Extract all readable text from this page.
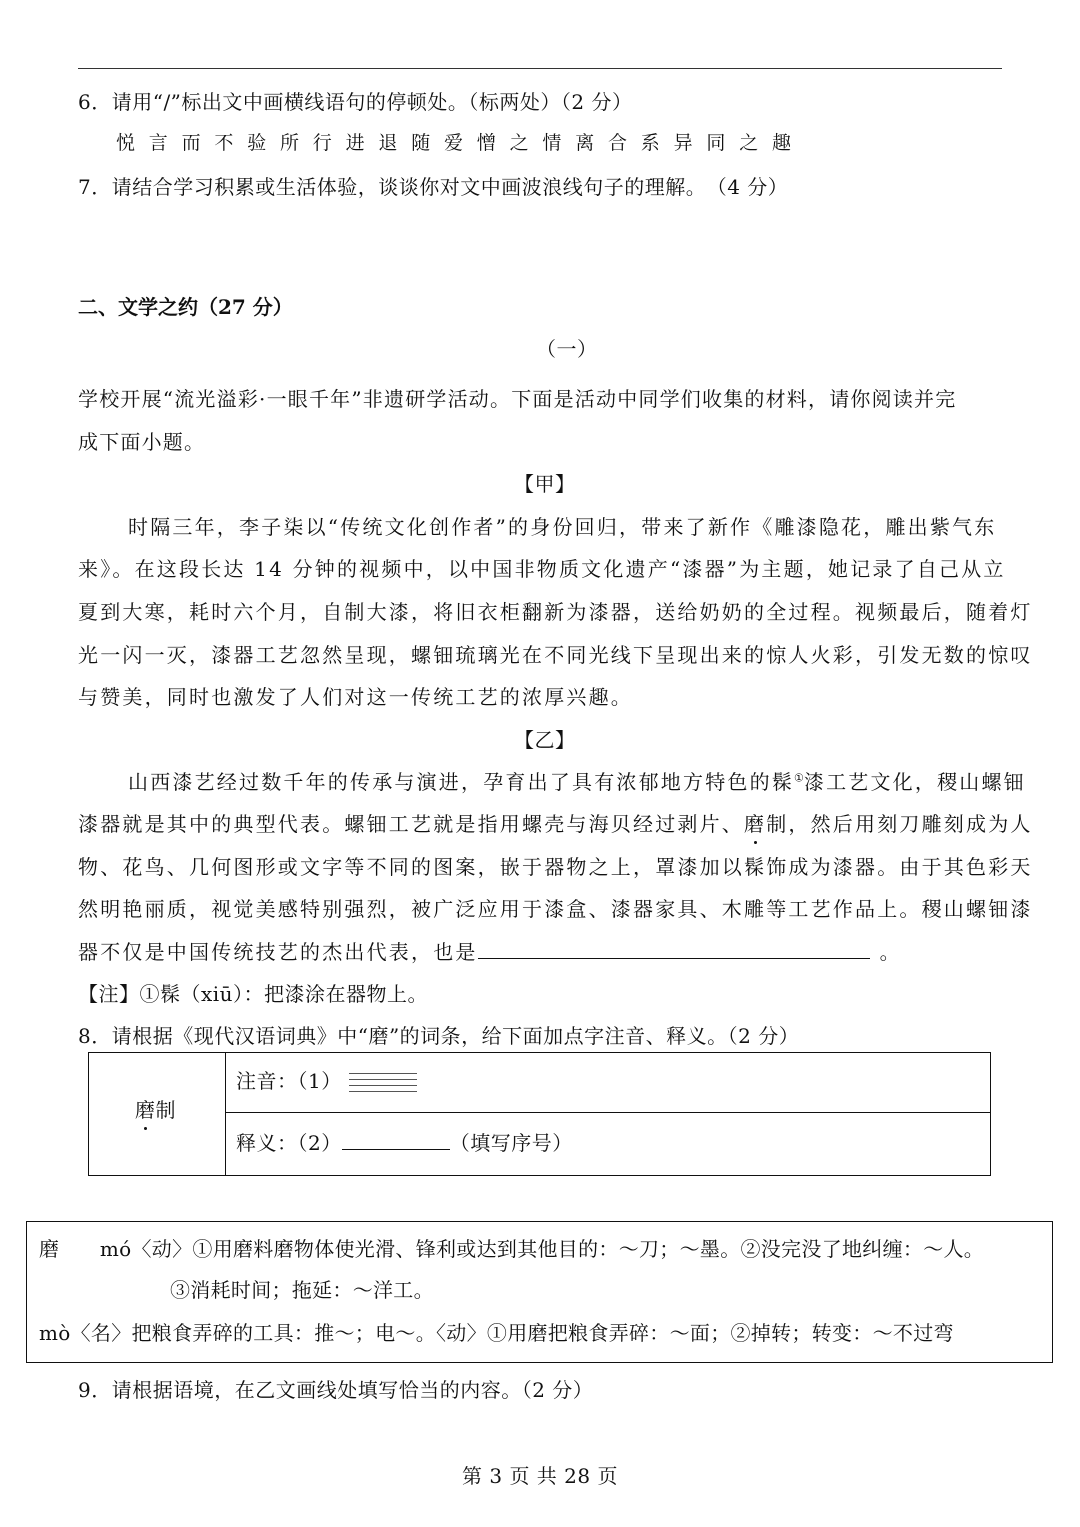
6．请用“/”标出文中画横线语句的停顿处。（标两处）（2 分）
悦言而不验所行进退随爱憎之情离合系异同之趣
7．请结合学习积累或生活体验，谈谈你对文中画波浪线句子的理解。　（4 分）
二、文学之约（27 分）
（一）
学校开展“流光溢彩·一眼千年”非遗研学活动。下面是活动中同学们收集的材料，请你阅读并完
成下面小题。
【甲】
时隔三年，李子柒以“传统文化创作者”的身份回归，带来了新作《雕漆隐花，雕出紫气东
来》。在这段长达 14 分钟的视频中，以中国非物质文化遗产“漆器”为主题，她记录了自己从立
夏到大寒，耗时六个月，自制大漆，将旧衣柜翻新为漆器，送给奶奶的全过程。视频最后，随着灯
光一闪一灭，漆器工艺忽然呈现，螺钿琉璃光在不同光线下呈现出来的惊人火彩，引发无数的惊叹
与赞美，同时也激发了人们对这一传统工艺的浓厚兴趣。
【乙】
山西漆艺经过数千年的传承与演进，孕育出了具有浓郁地方特色的髹①漆工艺文化，稷山螺钿
漆器就是其中的典型代表。螺钿工艺就是指用螺壳与海贝经过剥片、磨制，然后用刻刀雕刻成为人
物、花鸟、几何图形或文字等不同的图案，嵌于器物之上，罩漆加以髹饰成为漆器。由于其色彩天
然明艳丽质，视觉美感特别强烈，被广泛应用于漆盒、漆器家具、木雕等工艺作品上。稷山螺钿漆
器不仅是中国传统技艺的杰出代表，也是	。
【注】①髹（xiū）：把漆涂在器物上。
8．请根据《现代汉语词典》中“磨”的词条，给下面加点字注音、释义。（2 分）
磨制
注音：（1）
释义：（2）	（填写序号）
磨　　mó〈动〉①用磨料磨物体使光滑、锋利或达到其他目的：～刀；～墨。②没完没了地纠缠：～人。
③消耗时间；拖延：～洋工。
mò〈名〉把粮食弄碎的工具：推～；电～。〈动〉①用磨把粮食弄碎：～面；②掉转；转变：～不过弯
9．请根据语境，在乙文画线处填写恰当的内容。（2 分）
第 3 页 共 28 页
